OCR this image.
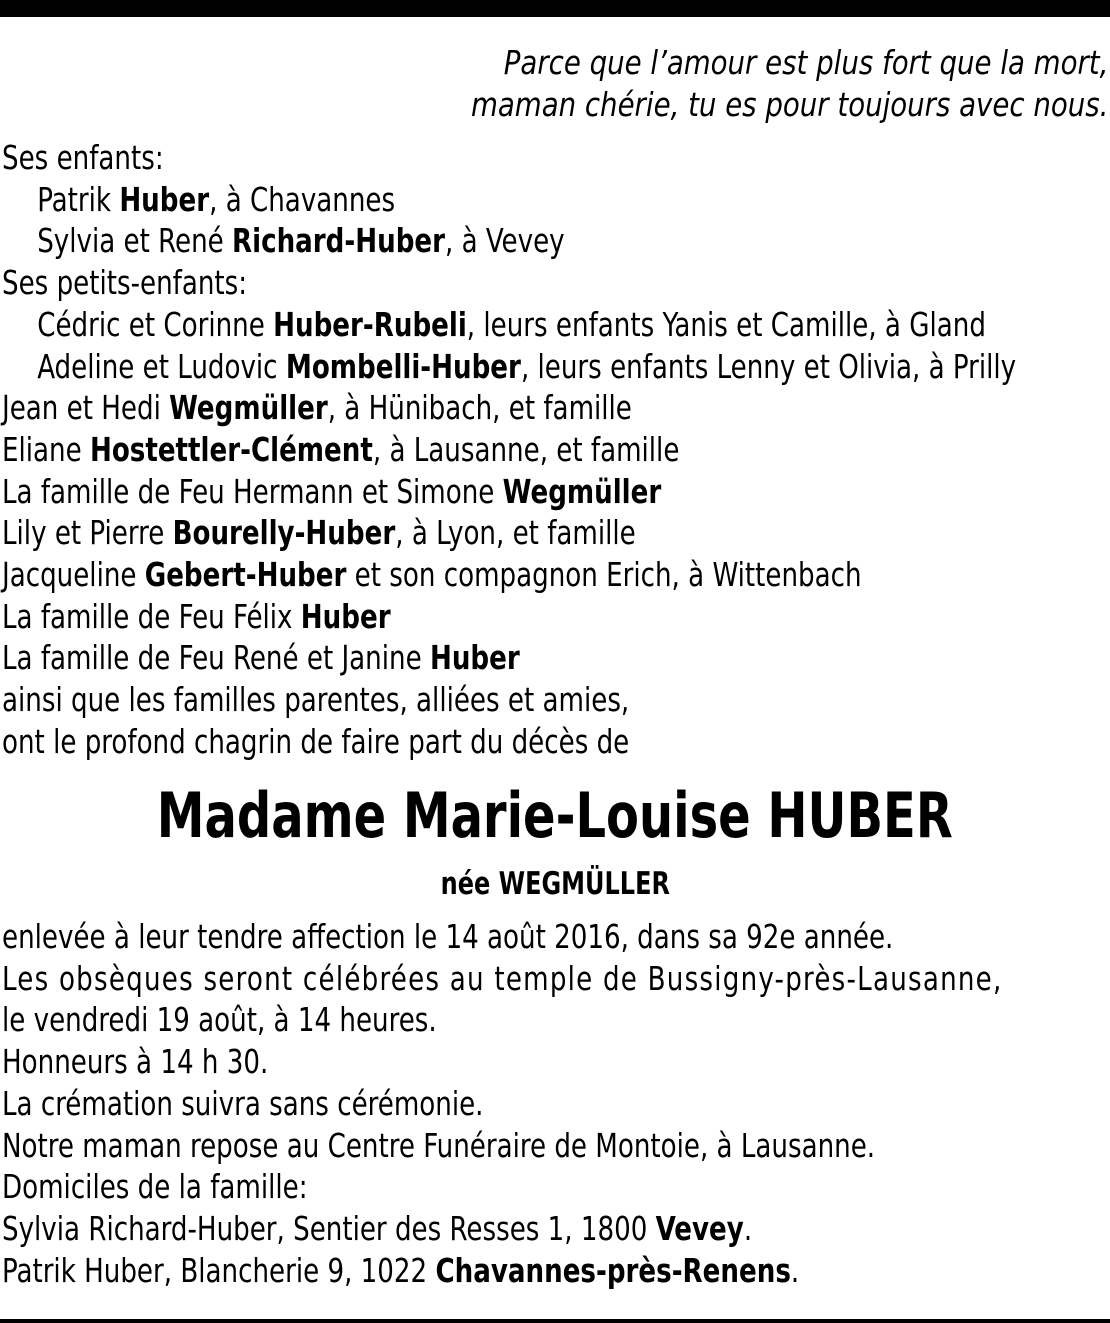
Parce que l’amour est plus fort que la mort,
maman chérie, tu es pour toujours avec nous.
Ses enfants:
Patrik Huber, à Chavannes
Sylvia et René Richard-Huber, à Vevey
Ses petits-enfants:
Cédric et Corinne Huber-Rubeli, leurs enfants Yanis et Camille, à Gland
Adeline et Ludovic Mombelli-Huber, leurs enfants Lenny et Olivia, à Prilly
Jean et Hedi Wegmüller, à Hünibach, et famille
Eliane Hostettler-Clément, à Lausanne, et famille
La famille de Feu Hermann et Simone Wegmüller
Lily et Pierre Bourelly-Huber, à Lyon, et famille
Jacqueline Gebert-Huber et son compagnon Erich, à Wittenbach
La famille de Feu Félix Huber
La famille de Feu René et Janine Huber
ainsi que les familles parentes, alliées et amies,
ont le profond chagrin de faire part du décès de
Madame Marie-Louise HUBER
née WEGMÜLLER
enlevée à leur tendre affection le 14 août 2016, dans sa 92e année.
Les obsèques seront célébrées au temple de Bussigny-près-Lausanne,
le vendredi 19 août, à 14 heures.
Honneurs à 14 h 30.
La crémation suivra sans cérémonie.
Notre maman repose au Centre Funéraire de Montoie, à Lausanne.
Domiciles de la famille:
Sylvia Richard-Huber, Sentier des Resses 1, 1800 Vevey.
Patrik Huber, Blancherie 9, 1022 Chavannes-près-Renens.
